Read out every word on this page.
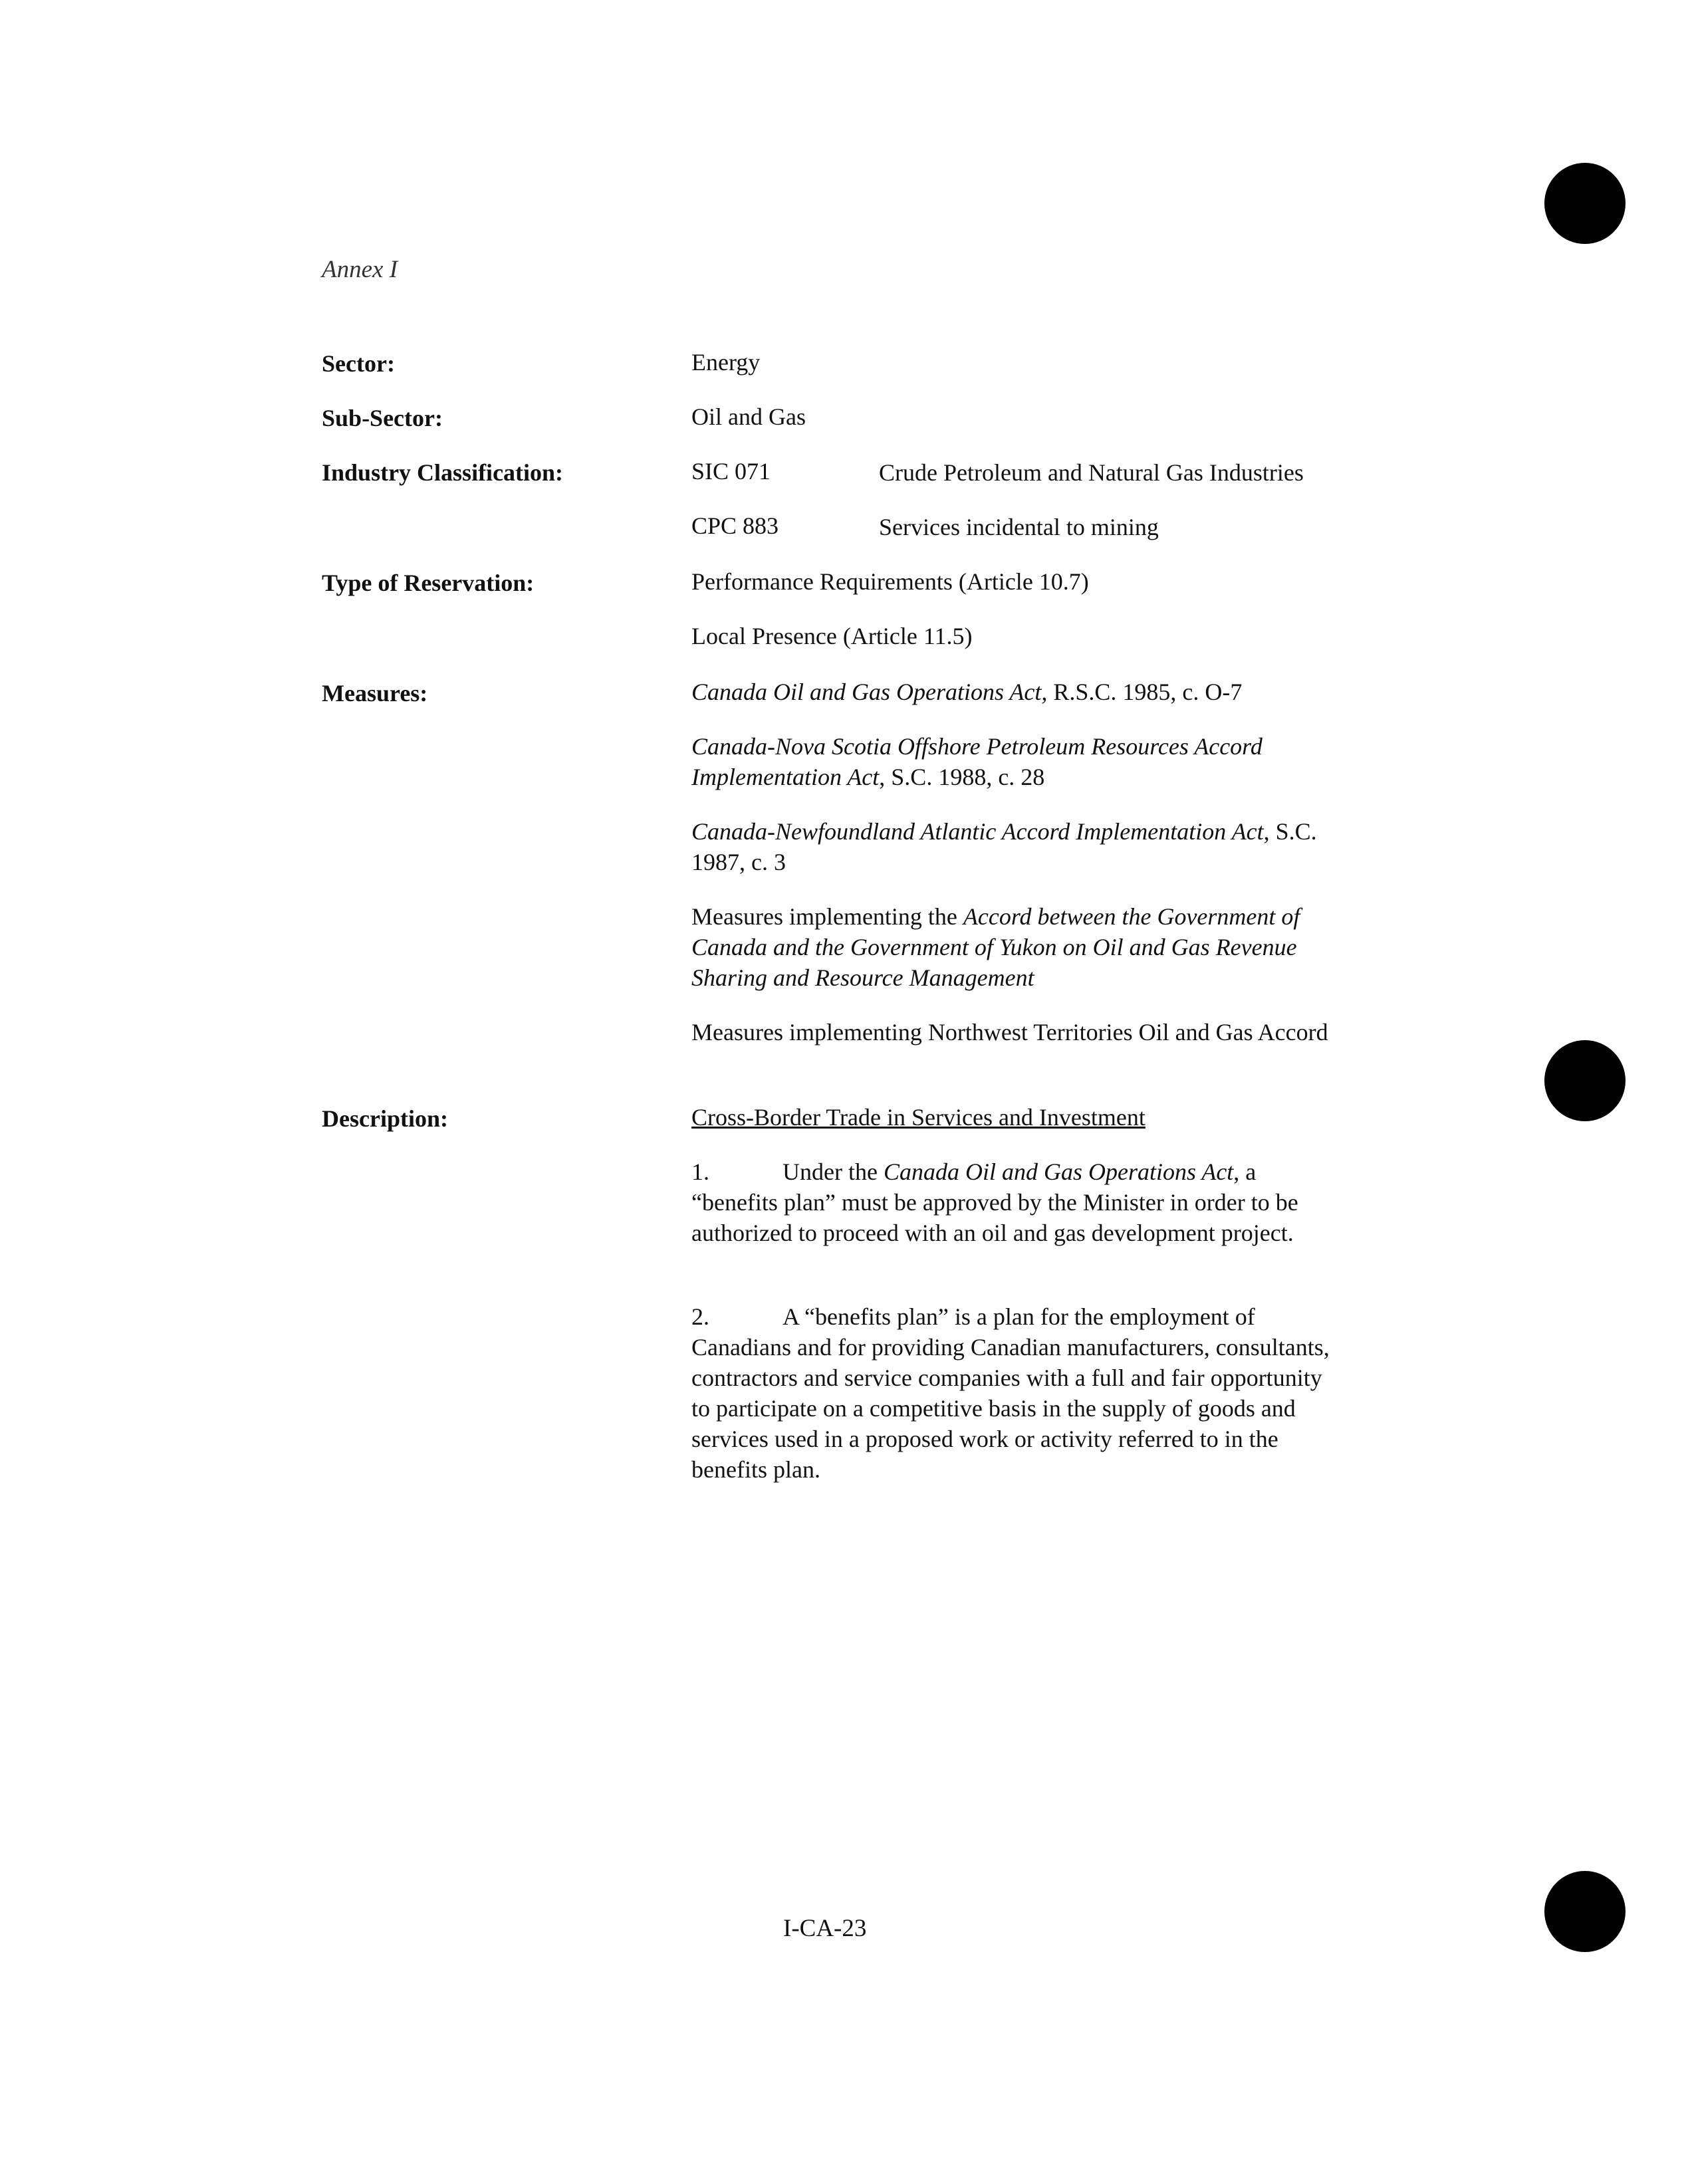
Annex I
Sector:	Energy
Sub-Sector:	Oil and Gas
Industry Classification:	SIC 071	Crude Petroleum and Natural Gas Industries
CPC 883	Services incidental to mining
Type of Reservation:	Performance Requirements (Article 10.7)
Local Presence (Article 11.5)
Measures:	Canada Oil and Gas Operations Act, R.S.C. 1985, c. O-7
Canada-Nova Scotia Offshore Petroleum Resources Accord Implementation Act, S.C. 1988, c. 28
Canada-Newfoundland Atlantic Accord Implementation Act, S.C. 1987, c. 3
Measures implementing the Accord between the Government of Canada and the Government of Yukon on Oil and Gas Revenue Sharing and Resource Management
Measures implementing Northwest Territories Oil and Gas Accord
Description:	Cross-Border Trade in Services and Investment
1.	Under the Canada Oil and Gas Operations Act, a “benefits plan” must be approved by the Minister in order to be authorized to proceed with an oil and gas development project.
2.	A “benefits plan” is a plan for the employment of Canadians and for providing Canadian manufacturers, consultants, contractors and service companies with a full and fair opportunity to participate on a competitive basis in the supply of goods and services used in a proposed work or activity referred to in the benefits plan.
I-CA-23
